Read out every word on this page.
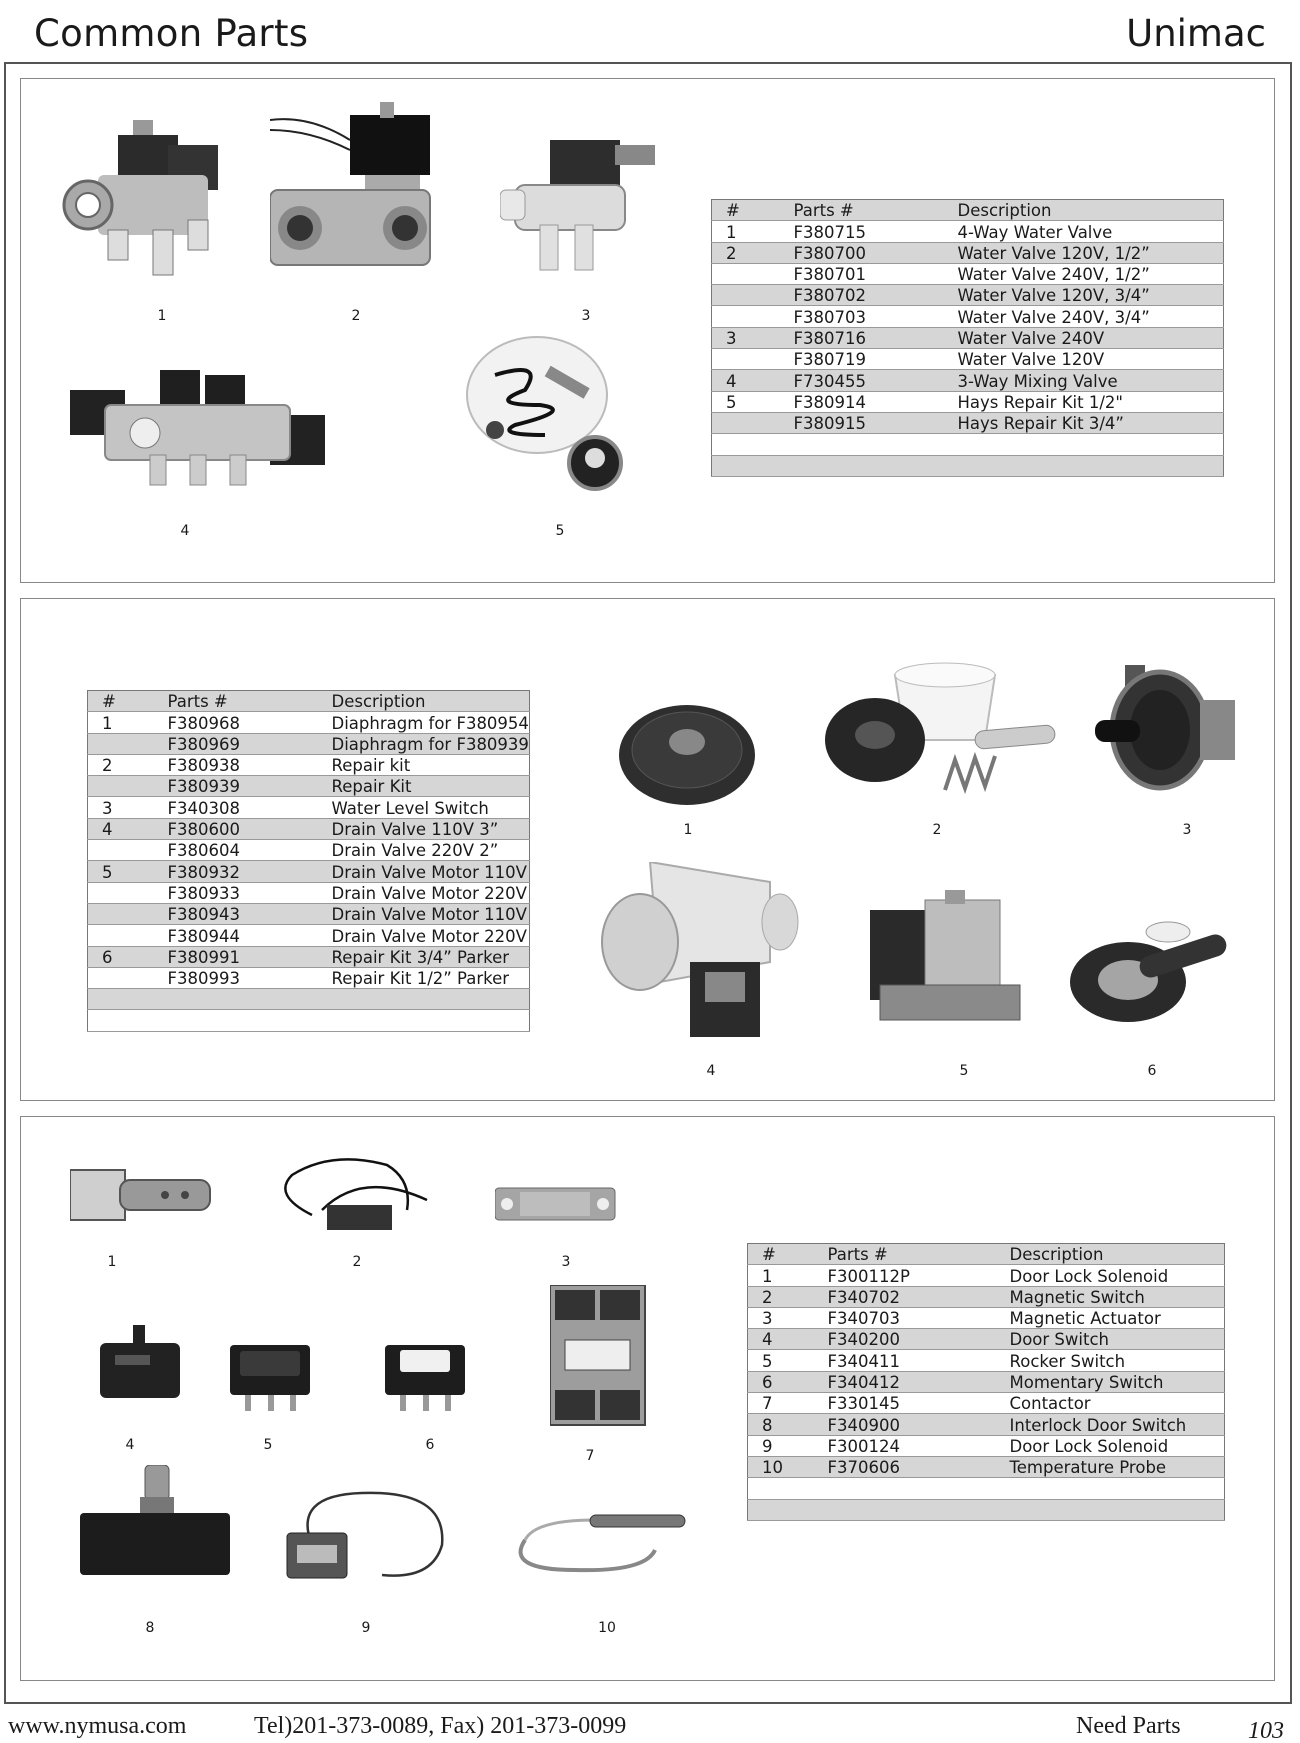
Common Parts	Unimac
1	2	3
4	5
#	Parts #	Description
1	F380715	4-Way Water Valve
2	F380700	Water Valve 120V, 1/2”
	F380701	Water Valve 240V, 1/2”
	F380702	Water Valve 120V, 3/4”
	F380703	Water Valve 240V, 3/4”
3	F380716	Water Valve 240V
	F380719	Water Valve 120V
4	F730455	3-Way Mixing Valve
5	F380914	Hays Repair Kit 1/2"
	F380915	Hays Repair Kit 3/4”

#	Parts #	Description
1	F380968	Diaphragm for F380954
	F380969	Diaphragm for F380939
2	F380938	Repair kit
	F380939	Repair Kit
3	F340308	Water Level Switch
4	F380600	Drain Valve 110V 3”
	F380604	Drain Valve 220V 2”
5	F380932	Drain Valve Motor 110V
	F380933	Drain Valve Motor 220V
	F380943	Drain Valve Motor 110V
	F380944	Drain Valve Motor 220V
6	F380991	Repair Kit 3/4” Parker
	F380993	Repair Kit 1/2” Parker

1	2	3
4	5	6
1	2	3
4	5	6
7
8	9	10
#	Parts #	Description
1	F300112P	Door Lock Solenoid
2	F340702	Magnetic Switch
3	F340703	Magnetic Actuator
4	F340200	Door Switch
5	F340411	Rocker Switch
6	F340412	Momentary Switch
7	F330145	Contactor
8	F340900	Interlock Door Switch
9	F300124	Door Lock Solenoid
10	F370606	Temperature Probe

www.nymusa.com	Tel)201-373-0089, Fax) 201-373-0099	Need Parts	103
